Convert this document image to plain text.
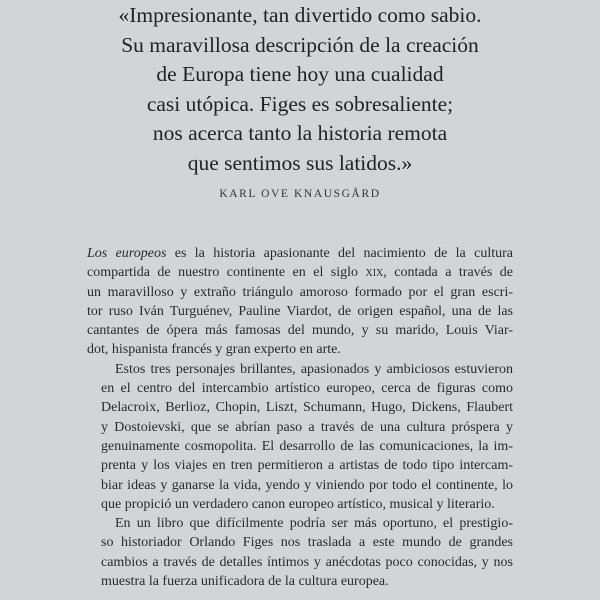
«Impresionante, tan divertido como sabio.
Su maravillosa descripción de la creación
de Europa tiene hoy una cualidad
casi utópica. Figes es sobresaliente;
nos acerca tanto la historia remota
que sentimos sus latidos.»
KARL OVE KNAUSGÅRD

Los europeos es la historia apasionante del nacimiento de la cultura
compartida de nuestro continente en el siglo xix, contada a través de
un maravilloso y extraño triángulo amoroso formado por el gran escri-
tor ruso Iván Turguénev, Pauline Viardot, de origen español, una de las
cantantes de ópera más famosas del mundo, y su marido, Louis Viar-
dot, hispanista francés y gran experto en arte.

Estos tres personajes brillantes, apasionados y ambiciosos estuvieron
en el centro del intercambio artístico europeo, cerca de figuras como
Delacroix, Berlioz, Chopin, Liszt, Schumann, Hugo, Dickens, Flaubert
y Dostoievski, que se abrían paso a través de una cultura próspera y
genuinamente cosmopolita. El desarrollo de las comunicaciones, la im-
prenta y los viajes en tren permitieron a artistas de todo tipo intercam-
biar ideas y ganarse la vida, yendo y viniendo por todo el continente, lo
que propició un verdadero canon europeo artístico, musical y literario.

En un libro que difícilmente podría ser más oportuno, el prestigio-
so historiador Orlando Figes nos traslada a este mundo de grandes
cambios a través de detalles íntimos y anécdotas poco conocidas, y nos
muestra la fuerza unificadora de la cultura europea.
